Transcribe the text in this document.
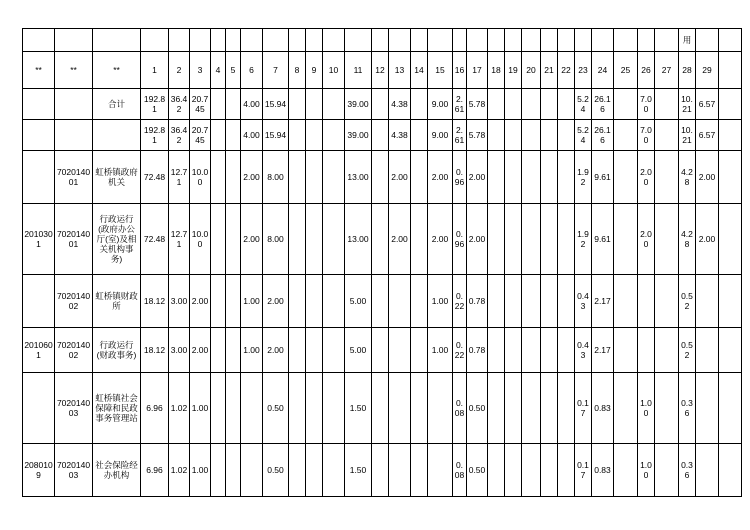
																														用		
**	**	**	1	2	3	4	5	6	7	8	9	10	11	12	13	14	15	16	17	18	19	20	21	22	23	24	25	26	27	28	29	
		合计	192.81	36.42	20.745			4.00	15.94				39.00		4.38		9.00	2.61	5.78						5.24	26.16		7.00		10.21	6.57	
			192.81	36.42	20.745			4.00	15.94				39.00		4.38		9.00	2.61	5.78						5.24	26.16		7.00		10.21	6.57	
	702014001	虹桥镇政府机关	72.48	12.71	10.00			2.00	8.00				13.00		2.00		2.00	0.96	2.00						1.92	9.61		2.00		4.28	2.00	
2010301	702014001	行政运行(政府办公厅(室)及相关机构事务)	72.48	12.71	10.00			2.00	8.00				13.00		2.00		2.00	0.96	2.00						1.92	9.61		2.00		4.28	2.00	
	702014002	虹桥镇财政所	18.12	3.00	2.00			1.00	2.00				5.00				1.00	0.22	0.78						0.43	2.17				0.52		
2010601	702014002	行政运行(财政事务)	18.12	3.00	2.00			1.00	2.00				5.00				1.00	0.22	0.78						0.43	2.17				0.52		
	702014003	虹桥镇社会保障和民政事务管理站	6.96	1.02	1.00				0.50				1.50					0.08	0.50						0.17	0.83		1.00		0.36		
2080109	702014003	社会保险经办机构	6.96	1.02	1.00				0.50				1.50					0.08	0.50						0.17	0.83		1.00		0.36		
